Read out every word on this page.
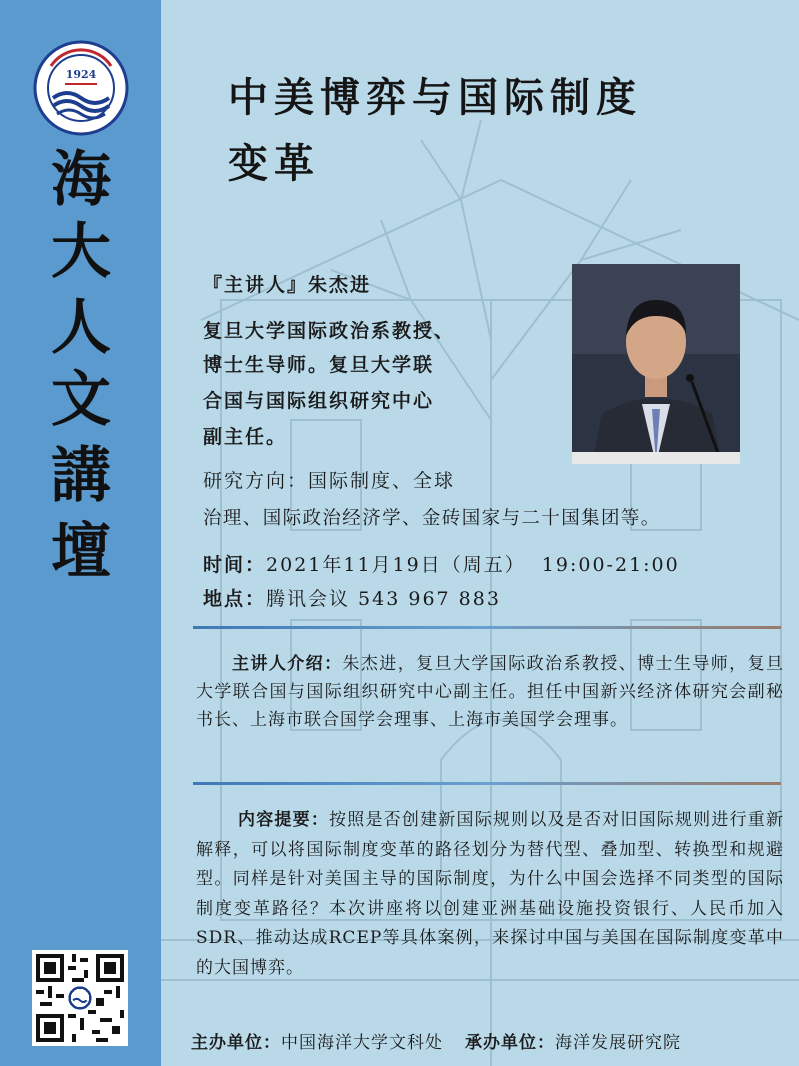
1924
海
大
人
文
講
壇
中美博弈与国际制度
变革
『主讲人』朱杰进
复旦大学国际政治系教授、
博士生导师。复旦大学联
合国与国际组织研究中心
副主任。
研究方向：国际制度、全球
治理、国际政治经济学、金砖国家与二十国集团等。
时间：2021年11月19日（周五）  19:00-21:00
地点：腾讯会议 543 967 883
主讲人介绍：朱杰进，复旦大学国际政治系教授、博士生导师，复旦大学联合国与国际组织研究中心副主任。担任中国新兴经济体研究会副秘书长、上海市联合国学会理事、上海市美国学会理事。
内容提要：按照是否创建新国际规则以及是否对旧国际规则进行重新解释，可以将国际制度变革的路径划分为替代型、叠加型、转换型和规避型。同样是针对美国主导的国际制度，为什么中国会选择不同类型的国际制度变革路径？本次讲座将以创建亚洲基础设施投资银行、人民币加入SDR、推动达成RCEP等具体案例，来探讨中国与美国在国际制度变革中的大国博弈。
主办单位：中国海洋大学文科处 承办单位：海洋发展研究院
